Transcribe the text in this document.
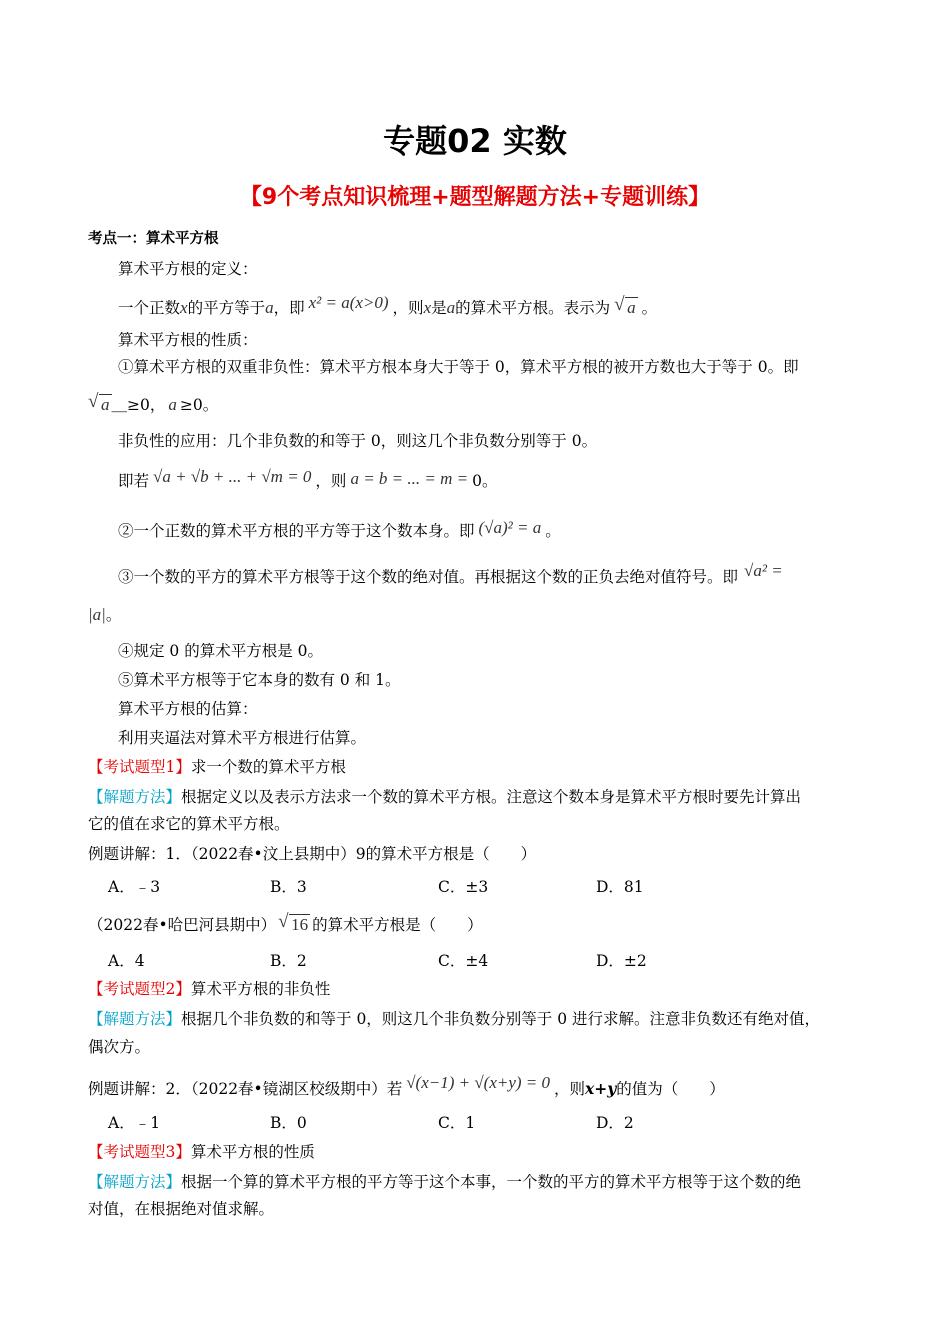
专题02 实数
【9个考点知识梳理+题型解题方法+专题训练】
考点一：算术平方根
算术平方根的定义：
一个正数x的平方等于a，即 x² = a(x>0) ，则x是a的算术平方根。表示为 √ a 。
算术平方根的性质：
①算术平方根的双重非负性：算术平方根本身大于等于 0，算术平方根的被开方数也大于等于 0。即
√ a ＿≥0， a ≥0。
非负性的应用：几个非负数的和等于 0，则这几个非负数分别等于 0。
即若 √a + √b + ... + √m = 0 ，则 a = b = ... = m = 0。
②一个正数的算术平方根的平方等于这个数本身。即 (√a)² = a 。
③一个数的平方的算术平方根等于这个数的绝对值。再根据这个数的正负去绝对值符号。即 √a² =
|a|。
④规定 0 的算术平方根是 0。
⑤算术平方根等于它本身的数有 0 和 1。
算术平方根的估算：
利用夹逼法对算术平方根进行估算。
【考试题型1】求一个数的算术平方根
【解题方法】根据定义以及表示方法求一个数的算术平方根。注意这个数本身是算术平方根时要先计算出
它的值在求它的算术平方根。
例题讲解：1．（2022春•汶上县期中）9的算术平方根是（　　）
A．﹣3	B．3	C．±3	D．81
（2022春•哈巴河县期中） √ 16 的算术平方根是（　　）
A．4	B．2	C．±4	D．±2
【考试题型2】算术平方根的非负性
【解题方法】根据几个非负数的和等于 0，则这几个非负数分别等于 0 进行求解。注意非负数还有绝对值，
偶次方。
例题讲解：2．（2022春•镜湖区校级期中）若 √(x−1) + √(x+y) = 0 ，则x+y的值为（　　）
A．﹣1	B．0	C．1	D．2
【考试题型3】算术平方根的性质
【解题方法】根据一个算的算术平方根的平方等于这个本事，一个数的平方的算术平方根等于这个数的绝
对值，在根据绝对值求解。
